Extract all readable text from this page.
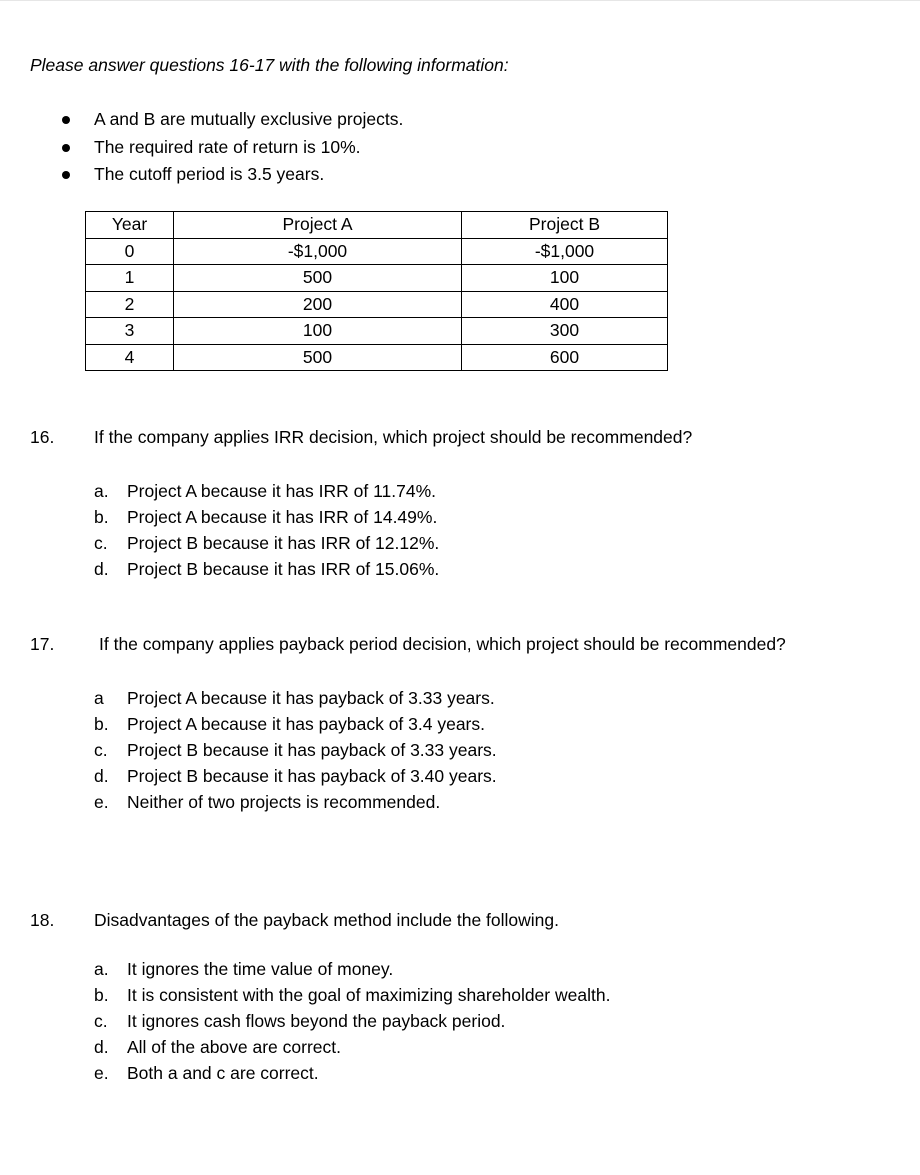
Please answer questions 16-17 with the following information:
A and B are mutually exclusive projects.
The required rate of return is 10%.
The cutoff period is 3.5 years.
Year	Project A	Project B
0	-$1,000	-$1,000
1	500	100
2	200	400
3	100	300
4	500	600
16. If the company applies IRR decision, which project should be recommended?
a. Project A because it has IRR of 11.74%.
b. Project A because it has IRR of 14.49%.
c. Project B because it has IRR of 12.12%.
d. Project B because it has IRR of 15.06%.
17.	If the company applies payback period decision, which project should be recommended?
a Project A because it has payback of 3.33 years.
b. Project A because it has payback of 3.4 years.
c. Project B because it has payback of 3.33 years.
d. Project B because it has payback of 3.40 years.
e. Neither of two projects is recommended.
18. Disadvantages of the payback method include the following.
a. It ignores the time value of money.
b. It is consistent with the goal of maximizing shareholder wealth.
c. It ignores cash flows beyond the payback period.
d. All of the above are correct.
e. Both a and c are correct.
